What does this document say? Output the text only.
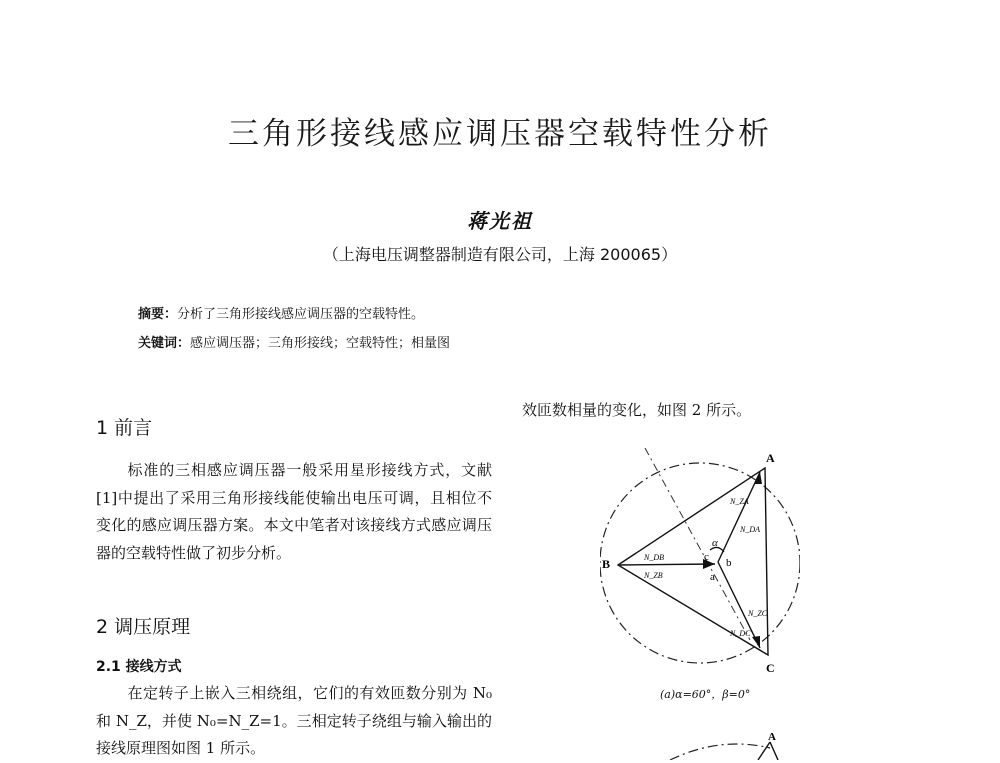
三角形接线感应调压器空载特性分析
蒋光祖
（上海电压调整器制造有限公司，上海 200065）
摘要：分析了三角形接线感应调压器的空载特性。
关键词：感应调压器；三角形接线；空载特性；相量图
1 前言
标准的三相感应调压器一般采用星形接线方式，文献[1]中提出了采用三角形接线能使输出电压可调，且相位不变化的感应调压器方案。本文中笔者对该接线方式感应调压器的空载特性做了初步分析。
2 调压原理
2.1 接线方式
在定转子上嵌入三相绕组，它们的有效匝数分别为 N₀ 和 N_Z，并使 N₀=N_Z=1。三相定转子绕组与输入输出的接线原理图如图 1 所示。
效匝数相量的变化，如图 2 所示。
A
B
C
a
b
c
α
N_ZA
N_DA
N_DB
N_ZB
N_ZC
N_DC
(a)α=60°，β=0°
A
